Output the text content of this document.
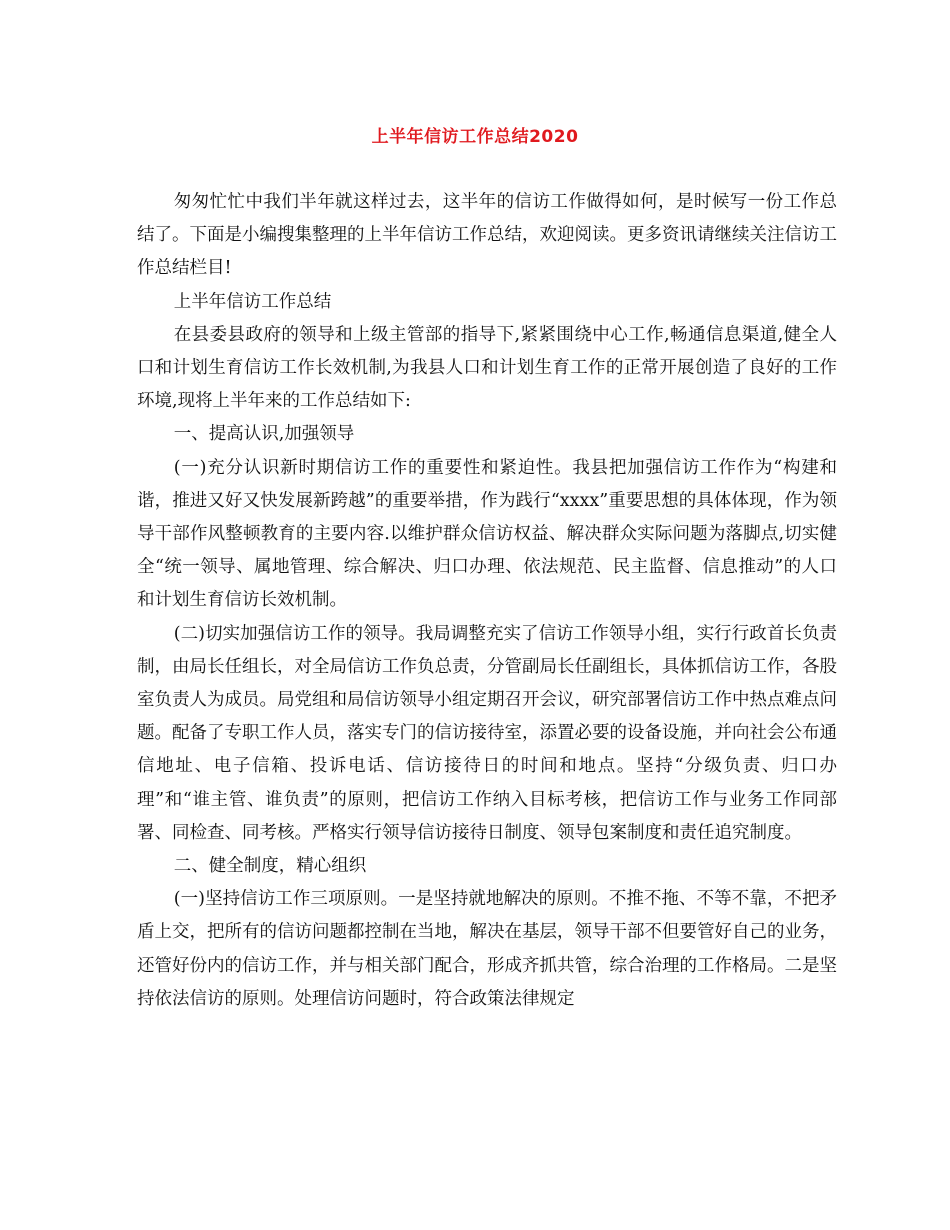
上半年信访工作总结2020

匆匆忙忙中我们半年就这样过去，这半年的信访工作做得如何，是时候写一份工作总结了。下面是小编搜集整理的上半年信访工作总结，欢迎阅读。更多资讯请继续关注信访工作总结栏目!

上半年信访工作总结

在县委县政府的领导和上级主管部的指导下,紧紧围绕中心工作,畅通信息渠道,健全人口和计划生育信访工作长效机制,为我县人口和计划生育工作的正常开展创造了良好的工作环境,现将上半年来的工作总结如下:

一、提高认识,加强领导

(一)充分认识新时期信访工作的重要性和紧迫性。我县把加强信访工作作为“构建和谐，推进又好又快发展新跨越”的重要举措，作为践行“xxxx”重要思想的具体体现，作为领导干部作风整顿教育的主要内容.以维护群众信访权益、解决群众实际问题为落脚点,切实健全“统一领导、属地管理、综合解决、归口办理、依法规范、民主监督、信息推动”的人口和计划生育信访长效机制。

(二)切实加强信访工作的领导。我局调整充实了信访工作领导小组，实行行政首长负责制，由局长任组长，对全局信访工作负总责，分管副局长任副组长，具体抓信访工作，各股室负责人为成员。局党组和局信访领导小组定期召开会议，研究部署信访工作中热点难点问题。配备了专职工作人员，落实专门的信访接待室，添置必要的设备设施，并向社会公布通信地址、电子信箱、投诉电话、信访接待日的时间和地点。坚持“分级负责、归口办理”和“谁主管、谁负责”的原则，把信访工作纳入目标考核，把信访工作与业务工作同部署、同检查、同考核。严格实行领导信访接待日制度、领导包案制度和责任追究制度。

二、健全制度，精心组织

(一)坚持信访工作三项原则。一是坚持就地解决的原则。不推不拖、不等不靠，不把矛盾上交，把所有的信访问题都控制在当地，解决在基层，领导干部不但要管好自己的业务，还管好份内的信访工作，并与相关部门配合，形成齐抓共管，综合治理的工作格局。二是坚持依法信访的原则。处理信访问题时，符合政策法律规定
